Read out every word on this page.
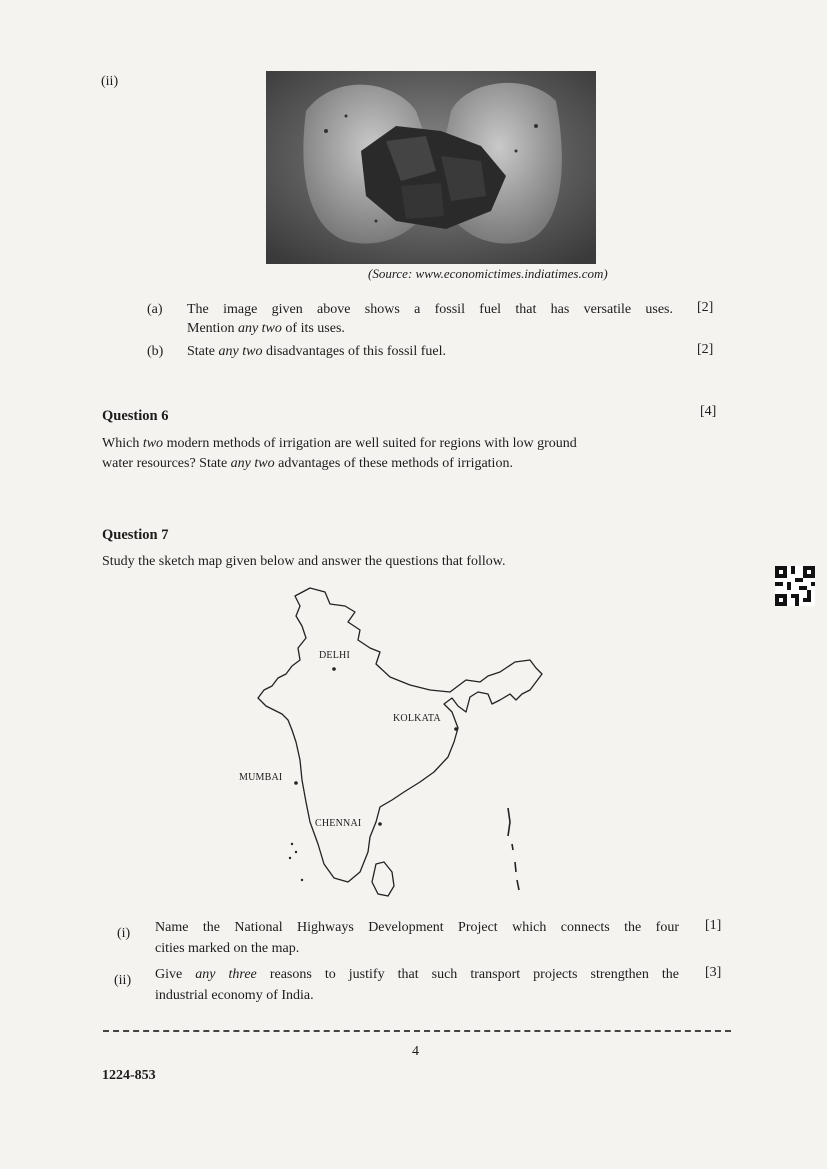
(ii)
(Source: www.economictimes.indiatimes.com)
(a) The image given above shows a fossil fuel that has versatile uses.
Mention any two of its uses.
[2]
(b) State any two disadvantages of this fossil fuel.	[2]
Question 6	[4]
Which two modern methods of irrigation are well suited for regions with low ground
water resources? State any two advantages of these methods of irrigation.
Question 7
Study the sketch map given below and answer the questions that follow.
DELHI
KOLKATA
MUMBAI
CHENNAI
(i) Name the National Highways Development Project which connects the four
cities marked on the map.
[1]
(ii) Give any three reasons to justify that such transport projects strengthen the
industrial economy of India.
[3]
4
1224-853
